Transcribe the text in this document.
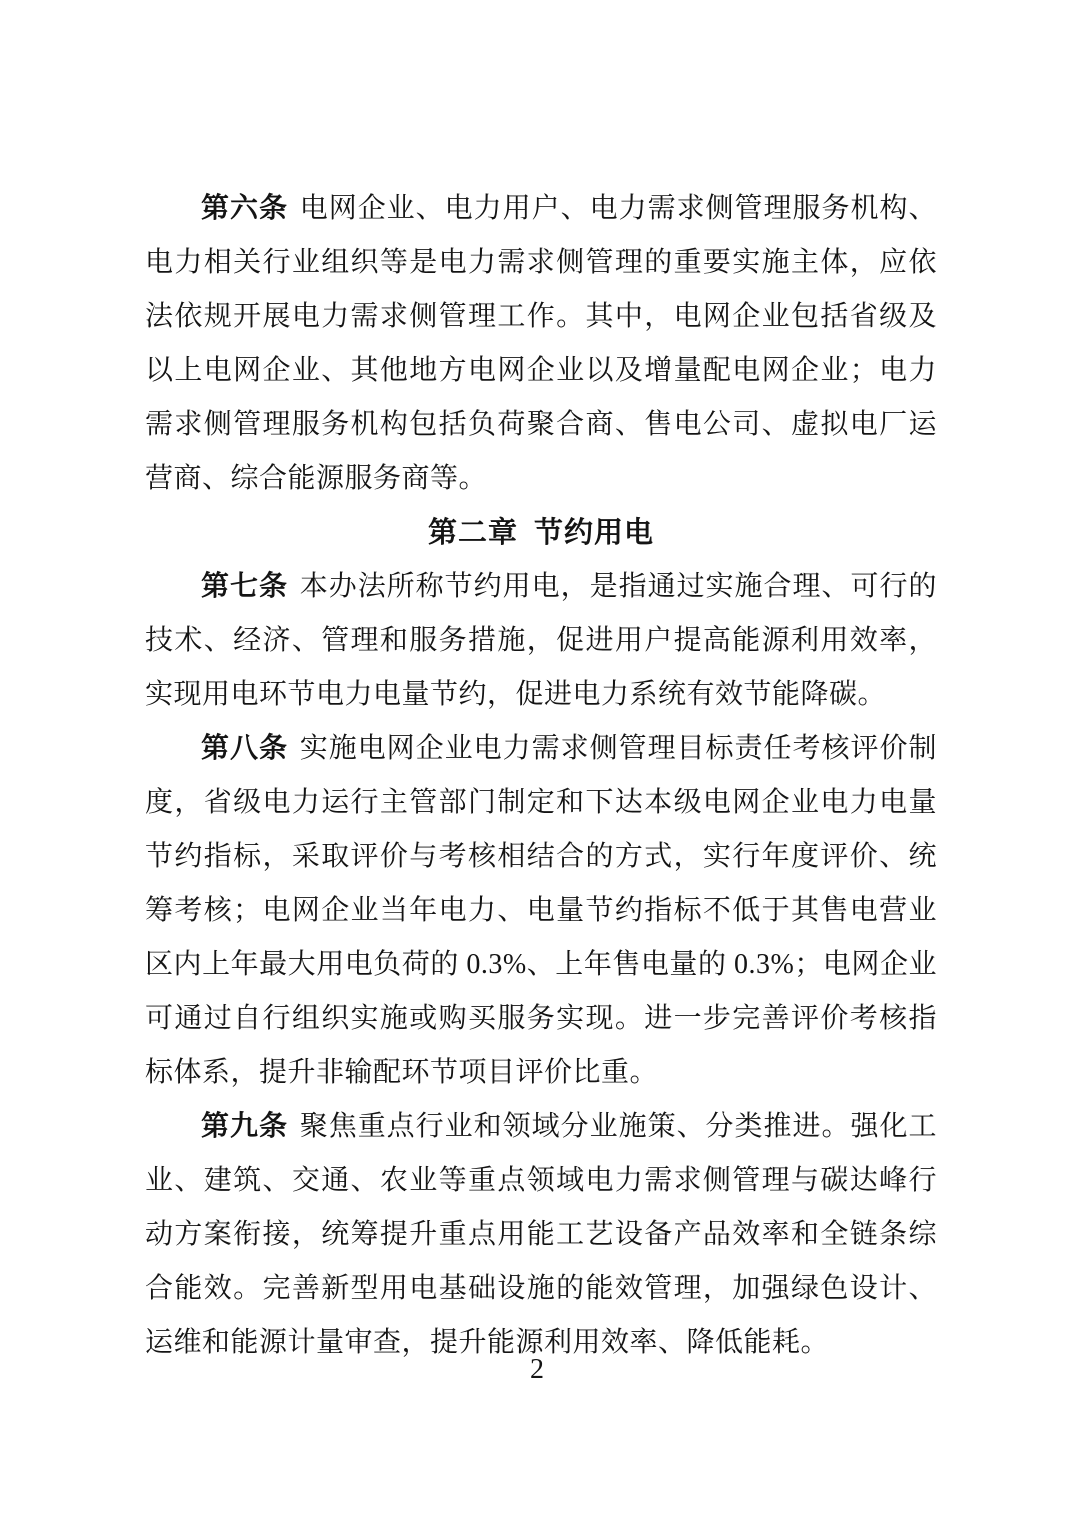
第六条 电网企业、电力用户、电力需求侧管理服务机构、电力相关行业组织等是电力需求侧管理的重要实施主体，应依法依规开展电力需求侧管理工作。其中，电网企业包括省级及以上电网企业、其他地方电网企业以及增量配电网企业；电力需求侧管理服务机构包括负荷聚合商、售电公司、虚拟电厂运营商、综合能源服务商等。

第二章 节约用电

第七条 本办法所称节约用电，是指通过实施合理、可行的技术、经济、管理和服务措施，促进用户提高能源利用效率，实现用电环节电力电量节约，促进电力系统有效节能降碳。

第八条 实施电网企业电力需求侧管理目标责任考核评价制度，省级电力运行主管部门制定和下达本级电网企业电力电量节约指标，采取评价与考核相结合的方式，实行年度评价、统筹考核；电网企业当年电力、电量节约指标不低于其售电营业区内上年最大用电负荷的 0.3%、上年售电量的 0.3%；电网企业可通过自行组织实施或购买服务实现。进一步完善评价考核指标体系，提升非输配环节项目评价比重。

第九条 聚焦重点行业和领域分业施策、分类推进。强化工业、建筑、交通、农业等重点领域电力需求侧管理与碳达峰行动方案衔接，统筹提升重点用能工艺设备产品效率和全链条综合能效。完善新型用电基础设施的能效管理，加强绿色设计、运维和能源计量审查，提升能源利用效率、降低能耗。

2
